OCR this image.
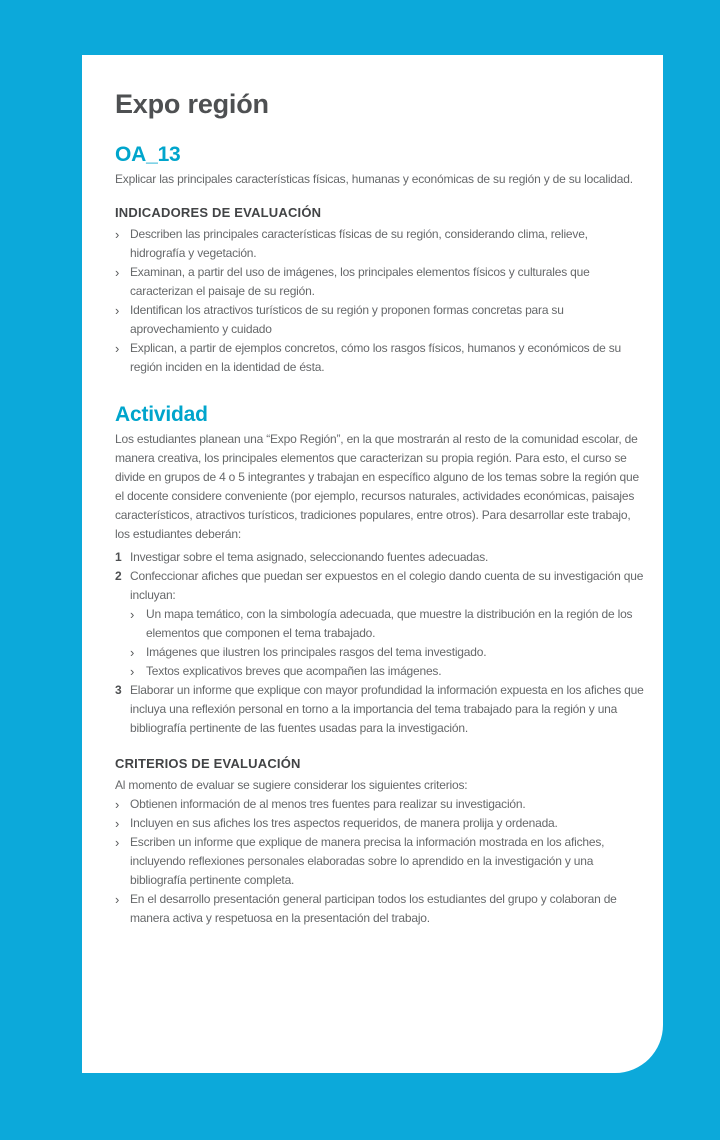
Expo región
OA_13

Explicar las principales características físicas, humanas y económicas de su región y de su localidad.

INDICADORES DE EVALUACIÓN
› Describen las principales características físicas de su región, considerando clima, relieve, hidrografía y vegetación.
› Examinan, a partir del uso de imágenes, los principales elementos físicos y culturales que caracterizan el paisaje de su región.
› Identifican los atractivos turísticos de su región y proponen formas concretas para su aprovechamiento y cuidado
› Explican, a partir de ejemplos concretos, cómo los rasgos físicos, humanos y económicos de su región inciden en la identidad de ésta.
Actividad

Los estudiantes planean una “Expo Región”, en la que mostrarán al resto de la comunidad escolar, de manera creativa, los principales elementos que caracterizan su propia región. Para esto, el curso se divide en grupos de 4 o 5 integrantes y trabajan en específico alguno de los temas sobre la región que el docente considere conveniente (por ejemplo, recursos naturales, actividades económicas, paisajes característicos, atractivos turísticos, tradiciones populares, entre otros). Para desarrollar este trabajo, los estudiantes deberán:

1 Investigar sobre el tema asignado, seleccionando fuentes adecuadas.
2 Confeccionar afiches que puedan ser expuestos en el colegio dando cuenta de su investigación que incluyan:
› Un mapa temático, con la simbología adecuada, que muestre la distribución en la región de los elementos que componen el tema trabajado.
› Imágenes que ilustren los principales rasgos del tema investigado.
› Textos explicativos breves que acompañen las imágenes.
3 Elaborar un informe que explique con mayor profundidad la información expuesta en los afiches que incluya una reflexión personal en torno a la importancia del tema trabajado para la región y una bibliografía pertinente de las fuentes usadas para la investigación.
CRITERIOS DE EVALUACIÓN

Al momento de evaluar se sugiere considerar los siguientes criterios:

› Obtienen información de al menos tres fuentes para realizar su investigación.
› Incluyen en sus afiches los tres aspectos requeridos, de manera prolija y ordenada.
› Escriben un informe que explique de manera precisa la información mostrada en los afiches, incluyendo reflexiones personales elaboradas sobre lo aprendido en la investigación y una bibliografía pertinente completa.
› En el desarrollo presentación general participan todos los estudiantes del grupo y colaboran de manera activa y respetuosa en la presentación del trabajo.
